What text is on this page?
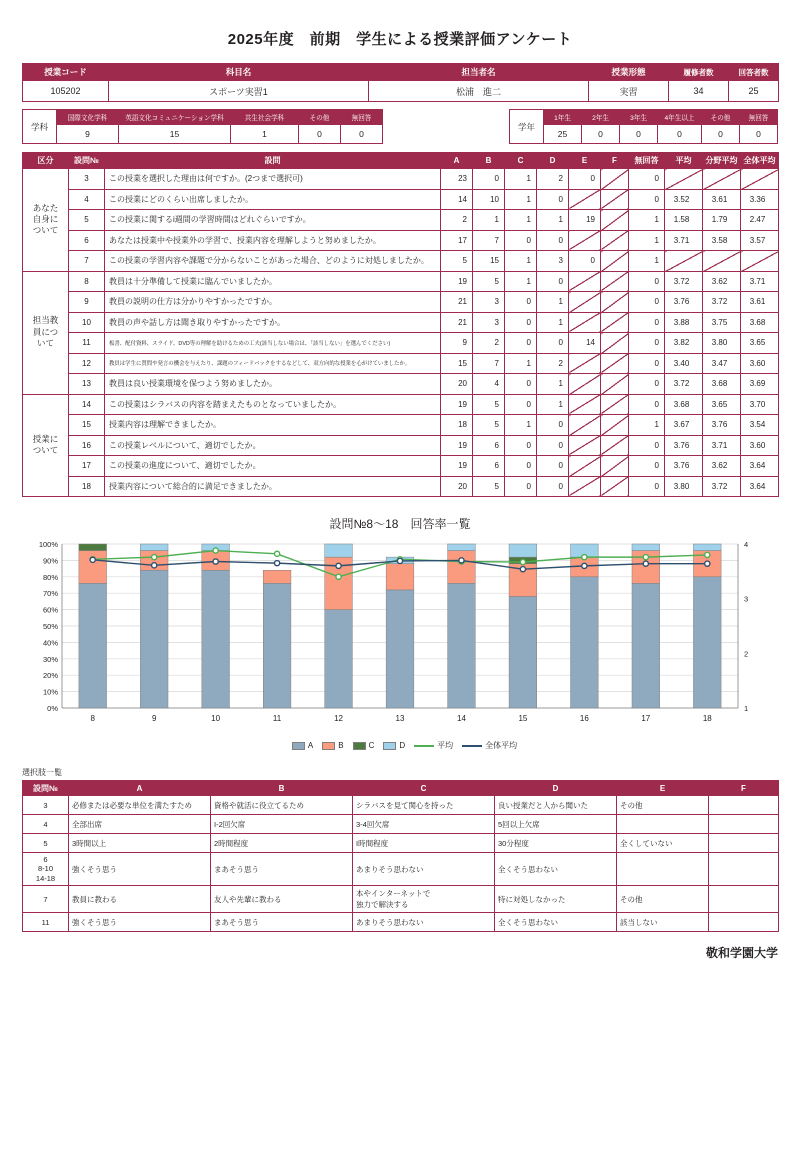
2025年度　前期　学生による授業評価アンケート
授業コード	科目名	担当者名	授業形態	履修者数	回答者数
105202	スポーツ実習1	松浦　進二	実習	34	25
学科	国際文化学科	英語文化コミュニケーション学科	共生社会学科	その他	無回答
	9	15	1	0	0
学年	1年生	2年生	3年生	4年生以上	その他	無回答
	25	0	0	0	0	0
区分	設問№	設問	A	B	C	D	E	F	無回答	平均	分野平均	全体平均
あなた自身について	3	この授業を選択した理由は何ですか。(2つまで選択可)	23	0	1	2	0		0			
	4	この授業にどのくらい出席しましたか。	14	10	1	0			0	3.52	3.61	3.36
	5	この授業に関するi週間の学習時間はどれぐらいですか。	2	1	1	1	19		1	1.58	1.79	2.47
	6	あなたは授業中や授業外の学習で、授業内容を理解しようと努めましたか。	17	7	0	0			1	3.71	3.58	3.57
	7	この授業の学習内容や課題で分からないことがあった場合、どのように対処しましたか。	5	15	1	3	0		1			
担当教員について	8	教員は十分準備して授業に臨んでいましたか。	19	5	1	0			0	3.72	3.62	3.71
	9	教員の説明の仕方は分かりやすかったですか。	21	3	0	1			0	3.76	3.72	3.61
	10	教員の声や話し方は聞き取りやすかったですか。	21	3	0	1			0	3.88	3.75	3.68
	11	板書、配付資料、スライド、DVD等の理解を助けるための工夫(該当しない場合は、「該当しない」を選んでください)	9	2	0	0	14		0	3.82	3.80	3.65
	12	教員は学生に質問や発言の機会を与えたり、課題のフィードバックをするなどして、双方向的な授業を心がけていましたか。	15	7	1	2			0	3.40	3.47	3.60
	13	教員は良い授業環境を保つよう努めましたか。	20	4	0	1			0	3.72	3.68	3.69
授業について	14	この授業はシラバスの内容を踏まえたものとなっていましたか。	19	5	0	1			0	3.68	3.65	3.70
	15	授業内容は理解できましたか。	18	5	1	0			1	3.67	3.76	3.54
	16	この授業レベルについて、適切でしたか。	19	6	0	0			0	3.76	3.71	3.60
	17	この授業の進度について、適切でしたか。	19	6	0	0			0	3.76	3.62	3.64
	18	授業内容について総合的に満足できましたか。	20	5	0	0			0	3.80	3.72	3.64
設問№8～18　回答率一覧
0%
10%
20%
30%
40%
50%
60%
70%
80%
90%
100%
1
2
3
4
8	9	10	11	12	13	14	15	16	17	18
A	B	C	D	平均	全体平均
選択肢一覧
設問№	A	B	C	D	E	F
3	必修または必要な単位を満たすため	資格や就活に役立てるため	シラバスを見て関心を持った	良い授業だと人から聞いた	その他	
4	全部出席	I-2回欠席	3-4回欠席	5回以上欠席		
5	3時間以上	2時間程度	I時間程度	30分程度	全くしていない	
6
8-10
14-18	強くそう思う	まあそう思う	あまりそう思わない	全くそう思わない		
7	教員に教わる	友人や先輩に教わる	本やインターネットで
独力で解決する	特に対処しなかった	その他	
11	強くそう思う	まあそう思う	あまりそう思わない	全くそう思わない	該当しない	
敬和学園大学
